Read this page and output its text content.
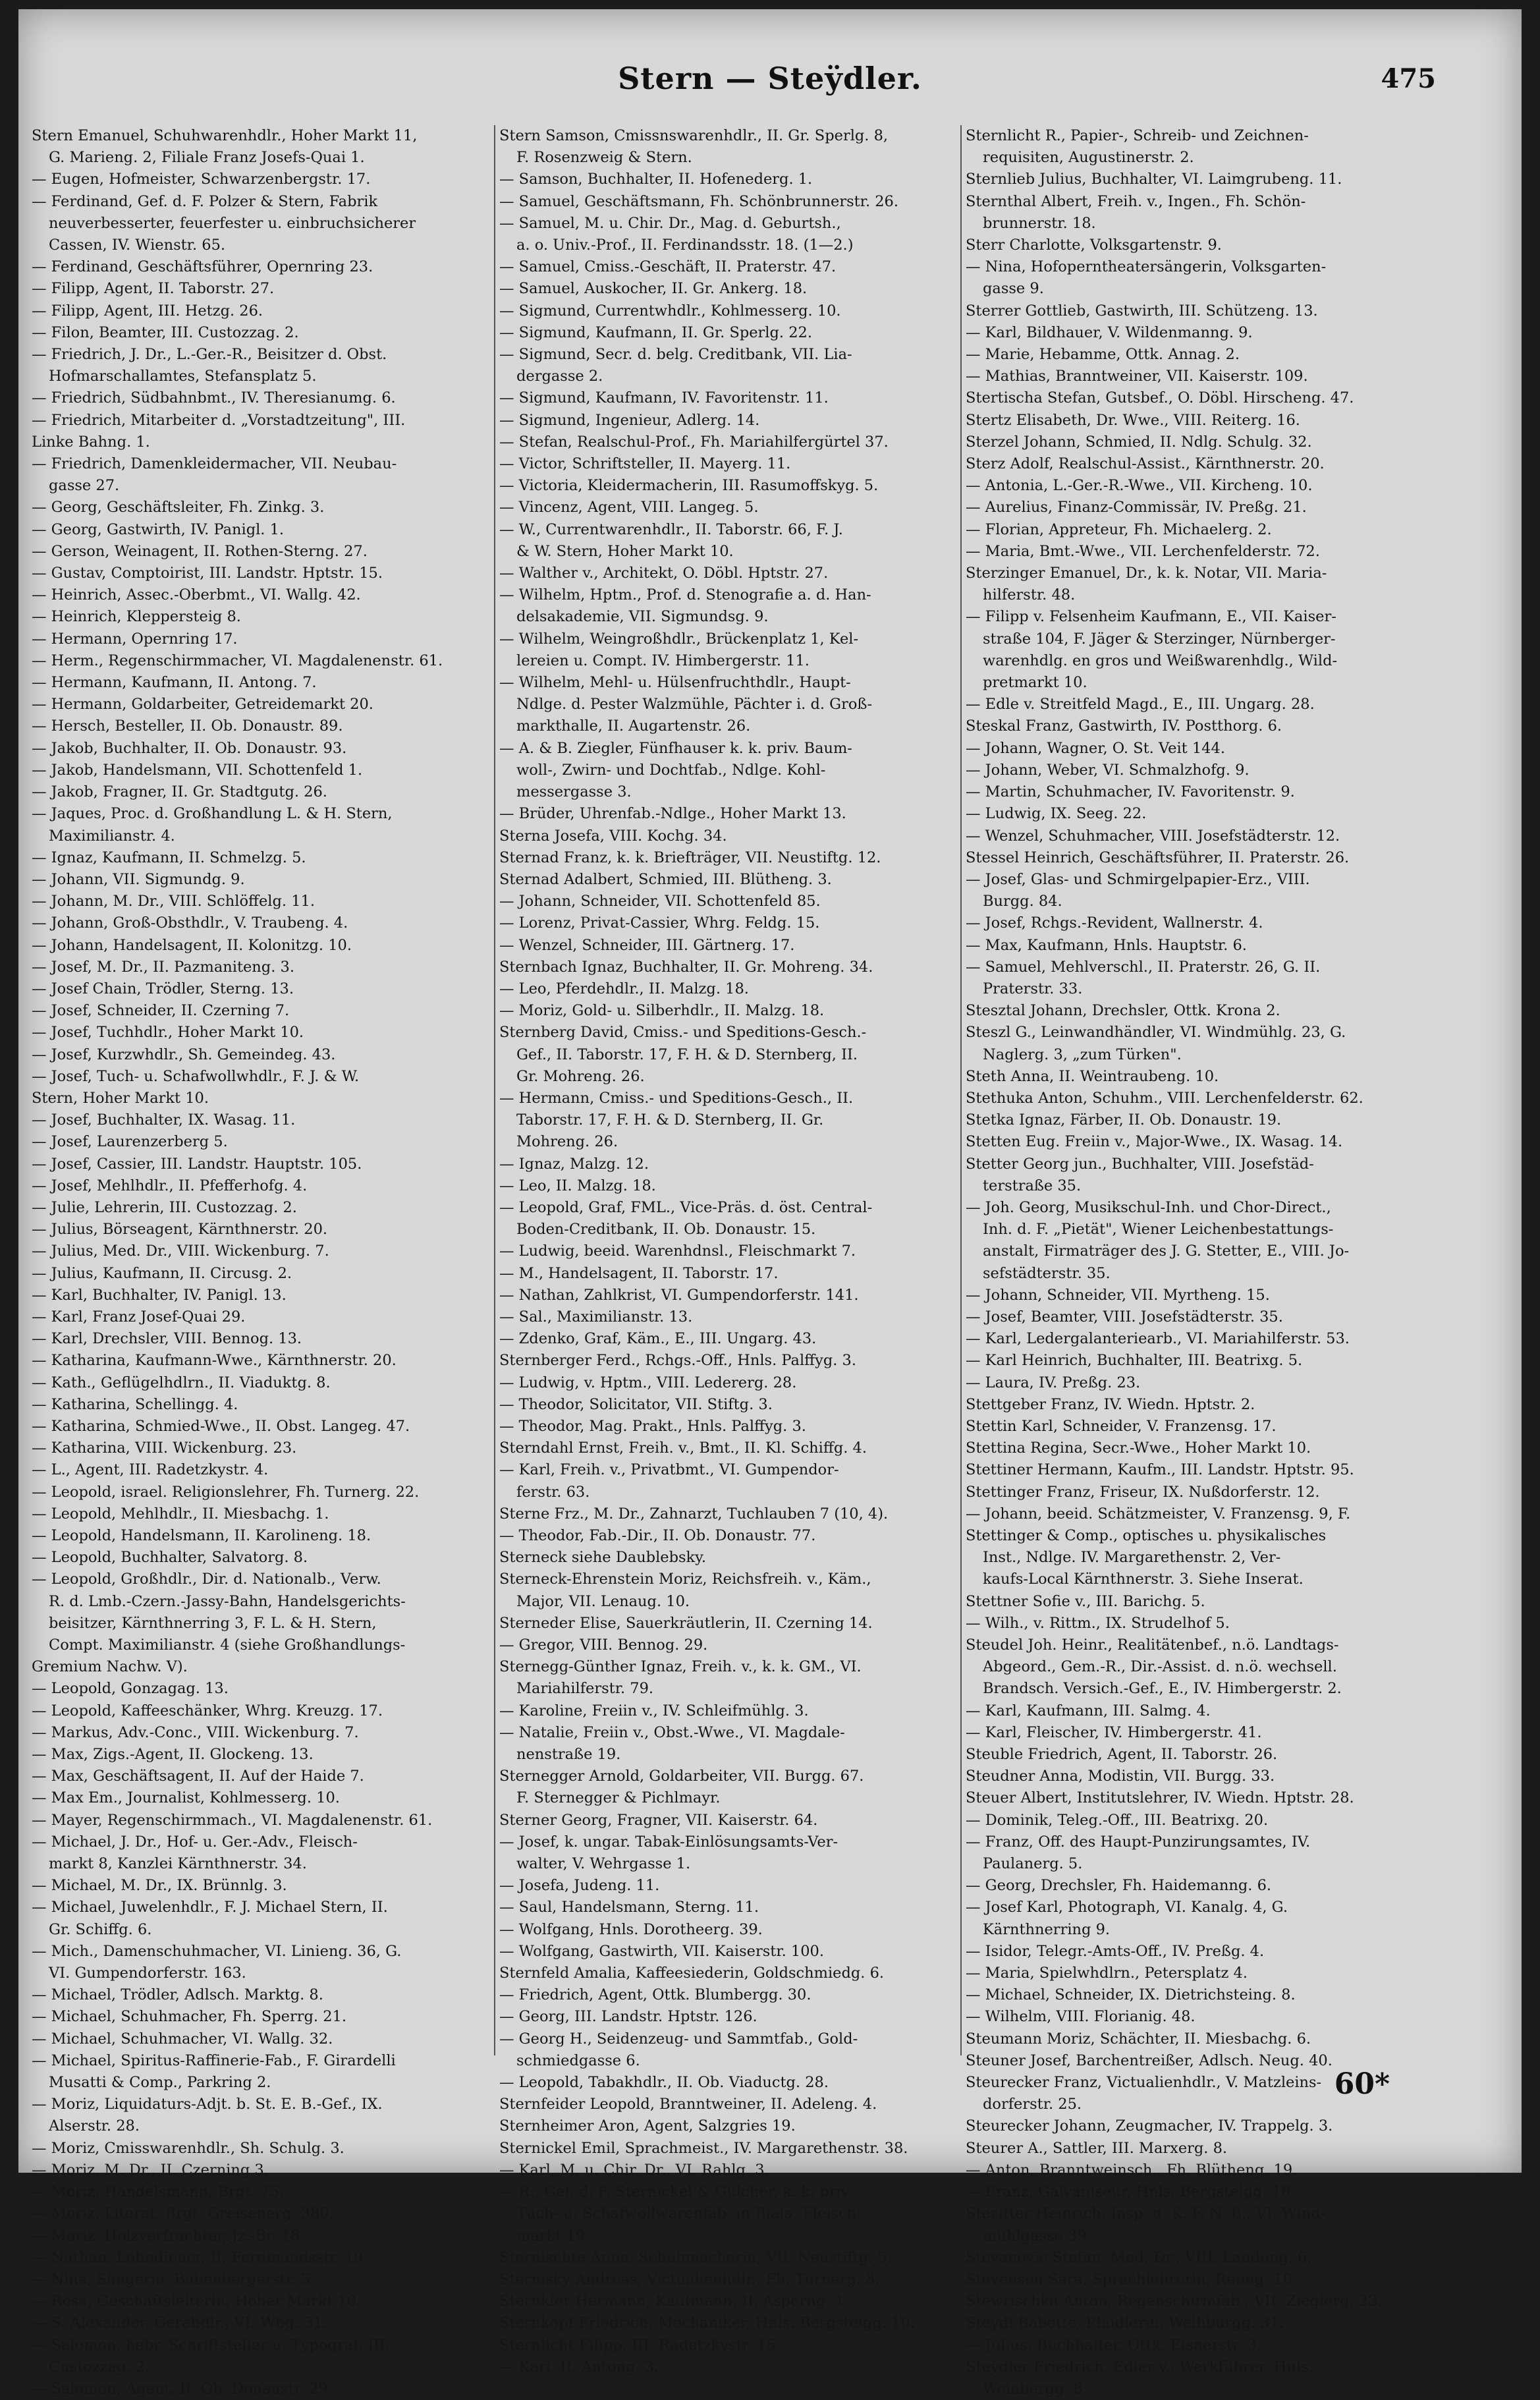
Stern — Steÿdler.	475
Stern Emanuel, Schuhwarenhdlr., Hoher Markt 11,
G. Marieng. 2, Filiale Franz Josefs-Quai 1.
— Eugen, Hofmeister, Schwarzenbergstr. 17.
— Ferdinand, Gef. d. F. Polzer & Stern, Fabrik
neuverbesserter, feuerfester u. einbruchsicherer
Cassen, IV. Wienstr. 65.
— Ferdinand, Geschäftsführer, Opernring 23.
— Filipp, Agent, II. Taborstr. 27.
— Filipp, Agent, III. Hetzg. 26.
— Filon, Beamter, III. Custozzag. 2.
— Friedrich, J. Dr., L.-Ger.-R., Beisitzer d. Obst.
Hofmarschallamtes, Stefansplatz 5.
— Friedrich, Südbahnbmt., IV. Theresianumg. 6.
— Friedrich, Mitarbeiter d. „Vorstadtzeitung", III.
Linke Bahng. 1.
— Friedrich, Damenkleidermacher, VII. Neubau-
gasse 27.
— Georg, Geschäftsleiter, Fh. Zinkg. 3.
— Georg, Gastwirth, IV. Panigl. 1.
— Gerson, Weinagent, II. Rothen-Sterng. 27.
— Gustav, Comptoirist, III. Landstr. Hptstr. 15.
— Heinrich, Assec.-Oberbmt., VI. Wallg. 42.
— Heinrich, Kleppersteig 8.
— Hermann, Opernring 17.
— Herm., Regenschirmmacher, VI. Magdalenenstr. 61.
— Hermann, Kaufmann, II. Antong. 7.
— Hermann, Goldarbeiter, Getreidemarkt 20.
— Hersch, Besteller, II. Ob. Donaustr. 89.
— Jakob, Buchhalter, II. Ob. Donaustr. 93.
— Jakob, Handelsmann, VII. Schottenfeld 1.
— Jakob, Fragner, II. Gr. Stadtgutg. 26.
— Jaques, Proc. d. Großhandlung L. & H. Stern,
Maximilianstr. 4.
— Ignaz, Kaufmann, II. Schmelzg. 5.
— Johann, VII. Sigmundg. 9.
— Johann, M. Dr., VIII. Schlöffelg. 11.
— Johann, Groß-Obsthdlr., V. Traubeng. 4.
— Johann, Handelsagent, II. Kolonitzg. 10.
— Josef, M. Dr., II. Pazmaniteng. 3.
— Josef Chain, Trödler, Sterng. 13.
— Josef, Schneider, II. Czerning 7.
— Josef, Tuchhdlr., Hoher Markt 10.
— Josef, Kurzwhdlr., Sh. Gemeindeg. 43.
— Josef, Tuch- u. Schafwollwhdlr., F. J. & W.
Stern, Hoher Markt 10.
— Josef, Buchhalter, IX. Wasag. 11.
— Josef, Laurenzerberg 5.
— Josef, Cassier, III. Landstr. Hauptstr. 105.
— Josef, Mehlhdlr., II. Pfefferhofg. 4.
— Julie, Lehrerin, III. Custozzag. 2.
— Julius, Börseagent, Kärnthnerstr. 20.
— Julius, Med. Dr., VIII. Wickenburg. 7.
— Julius, Kaufmann, II. Circusg. 2.
— Karl, Buchhalter, IV. Panigl. 13.
— Karl, Franz Josef-Quai 29.
— Karl, Drechsler, VIII. Bennog. 13.
— Katharina, Kaufmann-Wwe., Kärnthnerstr. 20.
— Kath., Geflügelhdlrn., II. Viaduktg. 8.
— Katharina, Schellingg. 4.
— Katharina, Schmied-Wwe., II. Obst. Langeg. 47.
— Katharina, VIII. Wickenburg. 23.
— L., Agent, III. Radetzkystr. 4.
— Leopold, israel. Religionslehrer, Fh. Turnerg. 22.
— Leopold, Mehlhdlr., II. Miesbachg. 1.
— Leopold, Handelsmann, II. Karolineng. 18.
— Leopold, Buchhalter, Salvatorg. 8.
— Leopold, Großhdlr., Dir. d. Nationalb., Verw.
R. d. Lmb.-Czern.-Jassy-Bahn, Handelsgerichts-
beisitzer, Kärnthnerring 3, F. L. & H. Stern,
Compt. Maximilianstr. 4 (siehe Großhandlungs-
Gremium Nachw. V).
— Leopold, Gonzagag. 13.
— Leopold, Kaffeeschänker, Whrg. Kreuzg. 17.
— Markus, Adv.-Conc., VIII. Wickenburg. 7.
— Max, Zigs.-Agent, II. Glockeng. 13.
— Max, Geschäftsagent, II. Auf der Haide 7.
— Max Em., Journalist, Kohlmesserg. 10.
— Mayer, Regenschirmmach., VI. Magdalenenstr. 61.
— Michael, J. Dr., Hof- u. Ger.-Adv., Fleisch-
markt 8, Kanzlei Kärnthnerstr. 34.
— Michael, M. Dr., IX. Brünnlg. 3.
— Michael, Juwelenhdlr., F. J. Michael Stern, II.
Gr. Schiffg. 6.
— Mich., Damenschuhmacher, VI. Linieng. 36, G.
VI. Gumpendorferstr. 163.
— Michael, Trödler, Adlsch. Marktg. 8.
— Michael, Schuhmacher, Fh. Sperrg. 21.
— Michael, Schuhmacher, VI. Wallg. 32.
— Michael, Spiritus-Raffinerie-Fab., F. Girardelli
Musatti & Comp., Parkring 2.
— Moriz, Liquidaturs-Adjt. b. St. E. B.-Gef., IX.
Alserstr. 28.
— Moriz, Cmisswarenhdlr., Sh. Schulg. 3.
— Moriz, M. Dr., II. Czerning 3.
— Moriz, Handelsmann, Brgt. 75.
— Moriz, Literat, Brgt. Greisenerg. 380.
— Moriz, Holzverfrachter, Jz.-Br. 18.
— Nathan, Lohndiener, II. Ferdinandsstr. 19.
— Nina, Sängerin, Babenbergerstr. 5.
— Rosa, Geschäftsleiterin, Hoher Markt 10.
— S. Alexander, Gerabdlr., VI. Wbg. 31.
— Salomon, hebr. Schriftsteller u. Typograf, III.
Custozzag. 2.
— Salomon, Agent, II. Ob. Donaustr. 29.
Stern Samson, Cmissnswarenhdlr., II. Gr. Sperlg. 8,
F. Rosenzweig & Stern.
— Samson, Buchhalter, II. Hofenederg. 1.
— Samuel, Geschäftsmann, Fh. Schönbrunnerstr. 26.
— Samuel, M. u. Chir. Dr., Mag. d. Geburtsh.,
a. o. Univ.-Prof., II. Ferdinandsstr. 18. (1—2.)
— Samuel, Cmiss.-Geschäft, II. Praterstr. 47.
— Samuel, Auskocher, II. Gr. Ankerg. 18.
— Sigmund, Currentwhdlr., Kohlmesserg. 10.
— Sigmund, Kaufmann, II. Gr. Sperlg. 22.
— Sigmund, Secr. d. belg. Creditbank, VII. Lia-
dergasse 2.
— Sigmund, Kaufmann, IV. Favoritenstr. 11.
— Sigmund, Ingenieur, Adlerg. 14.
— Stefan, Realschul-Prof., Fh. Mariahilfergürtel 37.
— Victor, Schriftsteller, II. Mayerg. 11.
— Victoria, Kleidermacherin, III. Rasumoffskyg. 5.
— Vincenz, Agent, VIII. Langeg. 5.
— W., Currentwarenhdlr., II. Taborstr. 66, F. J.
& W. Stern, Hoher Markt 10.
— Walther v., Architekt, O. Döbl. Hptstr. 27.
— Wilhelm, Hptm., Prof. d. Stenografie a. d. Han-
delsakademie, VII. Sigmundsg. 9.
— Wilhelm, Weingroßhdlr., Brückenplatz 1, Kel-
lereien u. Compt. IV. Himbergerstr. 11.
— Wilhelm, Mehl- u. Hülsenfruchthdlr., Haupt-
Ndlge. d. Pester Walzmühle, Pächter i. d. Groß-
markthalle, II. Augartenstr. 26.
— A. & B. Ziegler, Fünfhauser k. k. priv. Baum-
woll-, Zwirn- und Dochtfab., Ndlge. Kohl-
messergasse 3.
— Brüder, Uhrenfab.-Ndlge., Hoher Markt 13.
Sterna Josefa, VIII. Kochg. 34.
Sternad Franz, k. k. Briefträger, VII. Neustiftg. 12.
Sternad Adalbert, Schmied, III. Blütheng. 3.
— Johann, Schneider, VII. Schottenfeld 85.
— Lorenz, Privat-Cassier, Whrg. Feldg. 15.
— Wenzel, Schneider, III. Gärtnerg. 17.
Sternbach Ignaz, Buchhalter, II. Gr. Mohreng. 34.
— Leo, Pferdehdlr., II. Malzg. 18.
— Moriz, Gold- u. Silberhdlr., II. Malzg. 18.
Sternberg David, Cmiss.- und Speditions-Gesch.-
Gef., II. Taborstr. 17, F. H. & D. Sternberg, II.
Gr. Mohreng. 26.
— Hermann, Cmiss.- und Speditions-Gesch., II.
Taborstr. 17, F. H. & D. Sternberg, II. Gr.
Mohreng. 26.
— Ignaz, Malzg. 12.
— Leo, II. Malzg. 18.
— Leopold, Graf, FML., Vice-Präs. d. öst. Central-
Boden-Creditbank, II. Ob. Donaustr. 15.
— Ludwig, beeid. Warenhdnsl., Fleischmarkt 7.
— M., Handelsagent, II. Taborstr. 17.
— Nathan, Zahlkrist, VI. Gumpendorferstr. 141.
— Sal., Maximilianstr. 13.
— Zdenko, Graf, Käm., E., III. Ungarg. 43.
Sternberger Ferd., Rchgs.-Off., Hnls. Palffyg. 3.
— Ludwig, v. Hptm., VIII. Ledererg. 28.
— Theodor, Solicitator, VII. Stiftg. 3.
— Theodor, Mag. Prakt., Hnls. Palffyg. 3.
Sterndahl Ernst, Freih. v., Bmt., II. Kl. Schiffg. 4.
— Karl, Freih. v., Privatbmt., VI. Gumpendor-
ferstr. 63.
Sterne Frz., M. Dr., Zahnarzt, Tuchlauben 7 (10, 4).
— Theodor, Fab.-Dir., II. Ob. Donaustr. 77.
Sterneck siehe Daublebsky.
Sterneck-Ehrenstein Moriz, Reichsfreih. v., Käm.,
Major, VII. Lenaug. 10.
Sterneder Elise, Sauerkräutlerin, II. Czerning 14.
— Gregor, VIII. Bennog. 29.
Sternegg-Günther Ignaz, Freih. v., k. k. GM., VI.
Mariahilferstr. 79.
— Karoline, Freiin v., IV. Schleifmühlg. 3.
— Natalie, Freiin v., Obst.-Wwe., VI. Magdale-
nenstraße 19.
Sternegger Arnold, Goldarbeiter, VII. Burgg. 67.
F. Sternegger & Pichlmayr.
Sterner Georg, Fragner, VII. Kaiserstr. 64.
— Josef, k. ungar. Tabak-Einlösungsamts-Ver-
walter, V. Wehrgasse 1.
— Josefa, Judeng. 11.
— Saul, Handelsmann, Sterng. 11.
— Wolfgang, Hnls. Dorotheerg. 39.
— Wolfgang, Gastwirth, VII. Kaiserstr. 100.
Sternfeld Amalia, Kaffeesiederin, Goldschmiedg. 6.
— Friedrich, Agent, Ottk. Blumbergg. 30.
— Georg, III. Landstr. Hptstr. 126.
— Georg H., Seidenzeug- und Sammtfab., Gold-
schmiedgasse 6.
— Leopold, Tabakhdlr., II. Ob. Viaductg. 28.
Sternfeider Leopold, Branntweiner, II. Adeleng. 4.
Sternheimer Aron, Agent, Salzgries 19.
Sternickel Emil, Sprachmeist., IV. Margarethenstr. 38.
— Karl, M. u. Chir. Dr., VI. Rahlg. 3.
— R., Gef. d. F. Sternickel & Gülcher, k. k. priv.
Tuch- u. Schafwollwarenfab. in Biala, Fleisch-
markt 19.
Sternischte Anna, Schuhmacherin, VII. Neustiftg. 5.
Sternisky Andreas, Victualienhdlr., Fh. Turnerg. 8.
Sternkler Hermann, Kaufmann, II. Asperng. 1.
Sternkopf Friedrich, Mechaniker, Hnls. Bergsteigg. 10.
Sternlicht Filipp, III. Radetzkystr. 15.
— Karl, II. Antong. 3.
Sternlicht R., Papier-, Schreib- und Zeichnen-
requisiten, Augustinerstr. 2.
Sternlieb Julius, Buchhalter, VI. Laimgrubeng. 11.
Sternthal Albert, Freih. v., Ingen., Fh. Schön-
brunnerstr. 18.
Sterr Charlotte, Volksgartenstr. 9.
— Nina, Hofoperntheatersängerin, Volksgarten-
gasse 9.
Sterrer Gottlieb, Gastwirth, III. Schützeng. 13.
— Karl, Bildhauer, V. Wildenmanng. 9.
— Marie, Hebamme, Ottk. Annag. 2.
— Mathias, Branntweiner, VII. Kaiserstr. 109.
Stertischa Stefan, Gutsbef., O. Döbl. Hirscheng. 47.
Stertz Elisabeth, Dr. Wwe., VIII. Reiterg. 16.
Sterzel Johann, Schmied, II. Ndlg. Schulg. 32.
Sterz Adolf, Realschul-Assist., Kärnthnerstr. 20.
— Antonia, L.-Ger.-R.-Wwe., VII. Kircheng. 10.
— Aurelius, Finanz-Commissär, IV. Preßg. 21.
— Florian, Appreteur, Fh. Michaelerg. 2.
— Maria, Bmt.-Wwe., VII. Lerchenfelderstr. 72.
Sterzinger Emanuel, Dr., k. k. Notar, VII. Maria-
hilferstr. 48.
— Filipp v. Felsenheim Kaufmann, E., VII. Kaiser-
straße 104, F. Jäger & Sterzinger, Nürnberger-
warenhdlg. en gros und Weißwarenhdlg., Wild-
pretmarkt 10.
— Edle v. Streitfeld Magd., E., III. Ungarg. 28.
Steskal Franz, Gastwirth, IV. Postthorg. 6.
— Johann, Wagner, O. St. Veit 144.
— Johann, Weber, VI. Schmalzhofg. 9.
— Martin, Schuhmacher, IV. Favoritenstr. 9.
— Ludwig, IX. Seeg. 22.
— Wenzel, Schuhmacher, VIII. Josefstädterstr. 12.
Stessel Heinrich, Geschäftsführer, II. Praterstr. 26.
— Josef, Glas- und Schmirgelpapier-Erz., VIII.
Burgg. 84.
— Josef, Rchgs.-Revident, Wallnerstr. 4.
— Max, Kaufmann, Hnls. Hauptstr. 6.
— Samuel, Mehlverschl., II. Praterstr. 26, G. II.
Praterstr. 33.
Stesztal Johann, Drechsler, Ottk. Krona 2.
Steszl G., Leinwandhändler, VI. Windmühlg. 23, G.
Naglerg. 3, „zum Türken".
Steth Anna, II. Weintraubeng. 10.
Stethuka Anton, Schuhm., VIII. Lerchenfelderstr. 62.
Stetka Ignaz, Färber, II. Ob. Donaustr. 19.
Stetten Eug. Freiin v., Major-Wwe., IX. Wasag. 14.
Stetter Georg jun., Buchhalter, VIII. Josefstäd-
terstraße 35.
— Joh. Georg, Musikschul-Inh. und Chor-Direct.,
Inh. d. F. „Pietät", Wiener Leichenbestattungs-
anstalt, Firmaträger des J. G. Stetter, E., VIII. Jo-
sefstädterstr. 35.
— Johann, Schneider, VII. Myrtheng. 15.
— Josef, Beamter, VIII. Josefstädterstr. 35.
— Karl, Ledergalanteriearb., VI. Mariahilferstr. 53.
— Karl Heinrich, Buchhalter, III. Beatrixg. 5.
— Laura, IV. Preßg. 23.
Stettgeber Franz, IV. Wiedn. Hptstr. 2.
Stettin Karl, Schneider, V. Franzensg. 17.
Stettina Regina, Secr.-Wwe., Hoher Markt 10.
Stettiner Hermann, Kaufm., III. Landstr. Hptstr. 95.
Stettinger Franz, Friseur, IX. Nußdorferstr. 12.
— Johann, beeid. Schätzmeister, V. Franzensg. 9, F.
Stettinger & Comp., optisches u. physikalisches
Inst., Ndlge. IV. Margarethenstr. 2, Ver-
kaufs-Local Kärnthnerstr. 3. Siehe Inserat.
Stettner Sofie v., III. Barichg. 5.
— Wilh., v. Rittm., IX. Strudelhof 5.
Steudel Joh. Heinr., Realitätenbef., n.ö. Landtags-
Abgeord., Gem.-R., Dir.-Assist. d. n.ö. wechsell.
Brandsch. Versich.-Gef., E., IV. Himbergerstr. 2.
— Karl, Kaufmann, III. Salmg. 4.
— Karl, Fleischer, IV. Himbergerstr. 41.
Steuble Friedrich, Agent, II. Taborstr. 26.
Steudner Anna, Modistin, VII. Burgg. 33.
Steuer Albert, Institutslehrer, IV. Wiedn. Hptstr. 28.
— Dominik, Teleg.-Off., III. Beatrixg. 20.
— Franz, Off. des Haupt-Punzirungsamtes, IV.
Paulanerg. 5.
— Georg, Drechsler, Fh. Haidemanng. 6.
— Josef Karl, Photograph, VI. Kanalg. 4, G.
Kärnthnerring 9.
— Isidor, Telegr.-Amts-Off., IV. Preßg. 4.
— Maria, Spielwhdlrn., Petersplatz 4.
— Michael, Schneider, IX. Dietrichsteing. 8.
— Wilhelm, VIII. Florianig. 48.
Steumann Moriz, Schächter, II. Miesbachg. 6.
Steuner Josef, Barchentreißer, Adlsch. Neug. 40.
Steurecker Franz, Victualienhdlr., V. Matzleins-
dorferstr. 25.
Steurecker Johann, Zeugmacher, IV. Trappelg. 3.
Steurer A., Sattler, III. Marxerg. 8.
— Anton, Branntweinsch., Fh. Blütheng. 19.
— Franz, Galvaniseur, Hnls. Bergsteigg. 18.
Stezitter Heinrich, Insp. d. K. F. N. B., VI. Wind-
mühlgasse 39.
Stevanovic Stefan, Med. Dr., VIII. Laudong. 6.
Stevenson Sara, Sprachlehrerin, Renng. 10.
Stewrischka Anton, Regenschirmfab., VII. Zieglerg. 23.
Steydl Babette, Pfaidlerin, Weihburgg. 31.
— Julius, Buchhalter, Ottk. Eisnerstr. 3.
Steÿdler Friedrich, Edler v., Werkführer, Hnls.
Weinbergg. 8.
60*
